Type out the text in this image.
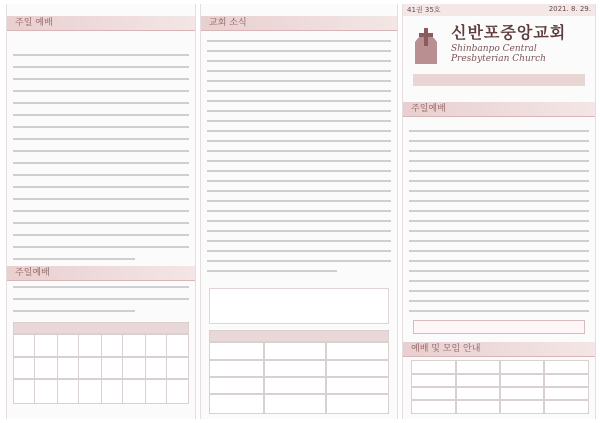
주일 예배
주일예배
교회 소식
41권 35호	2021. 8. 29.
신반포중앙교회
Shinbanpo Central Presbyterian Church
주일예배
예배 및 모임 안내
